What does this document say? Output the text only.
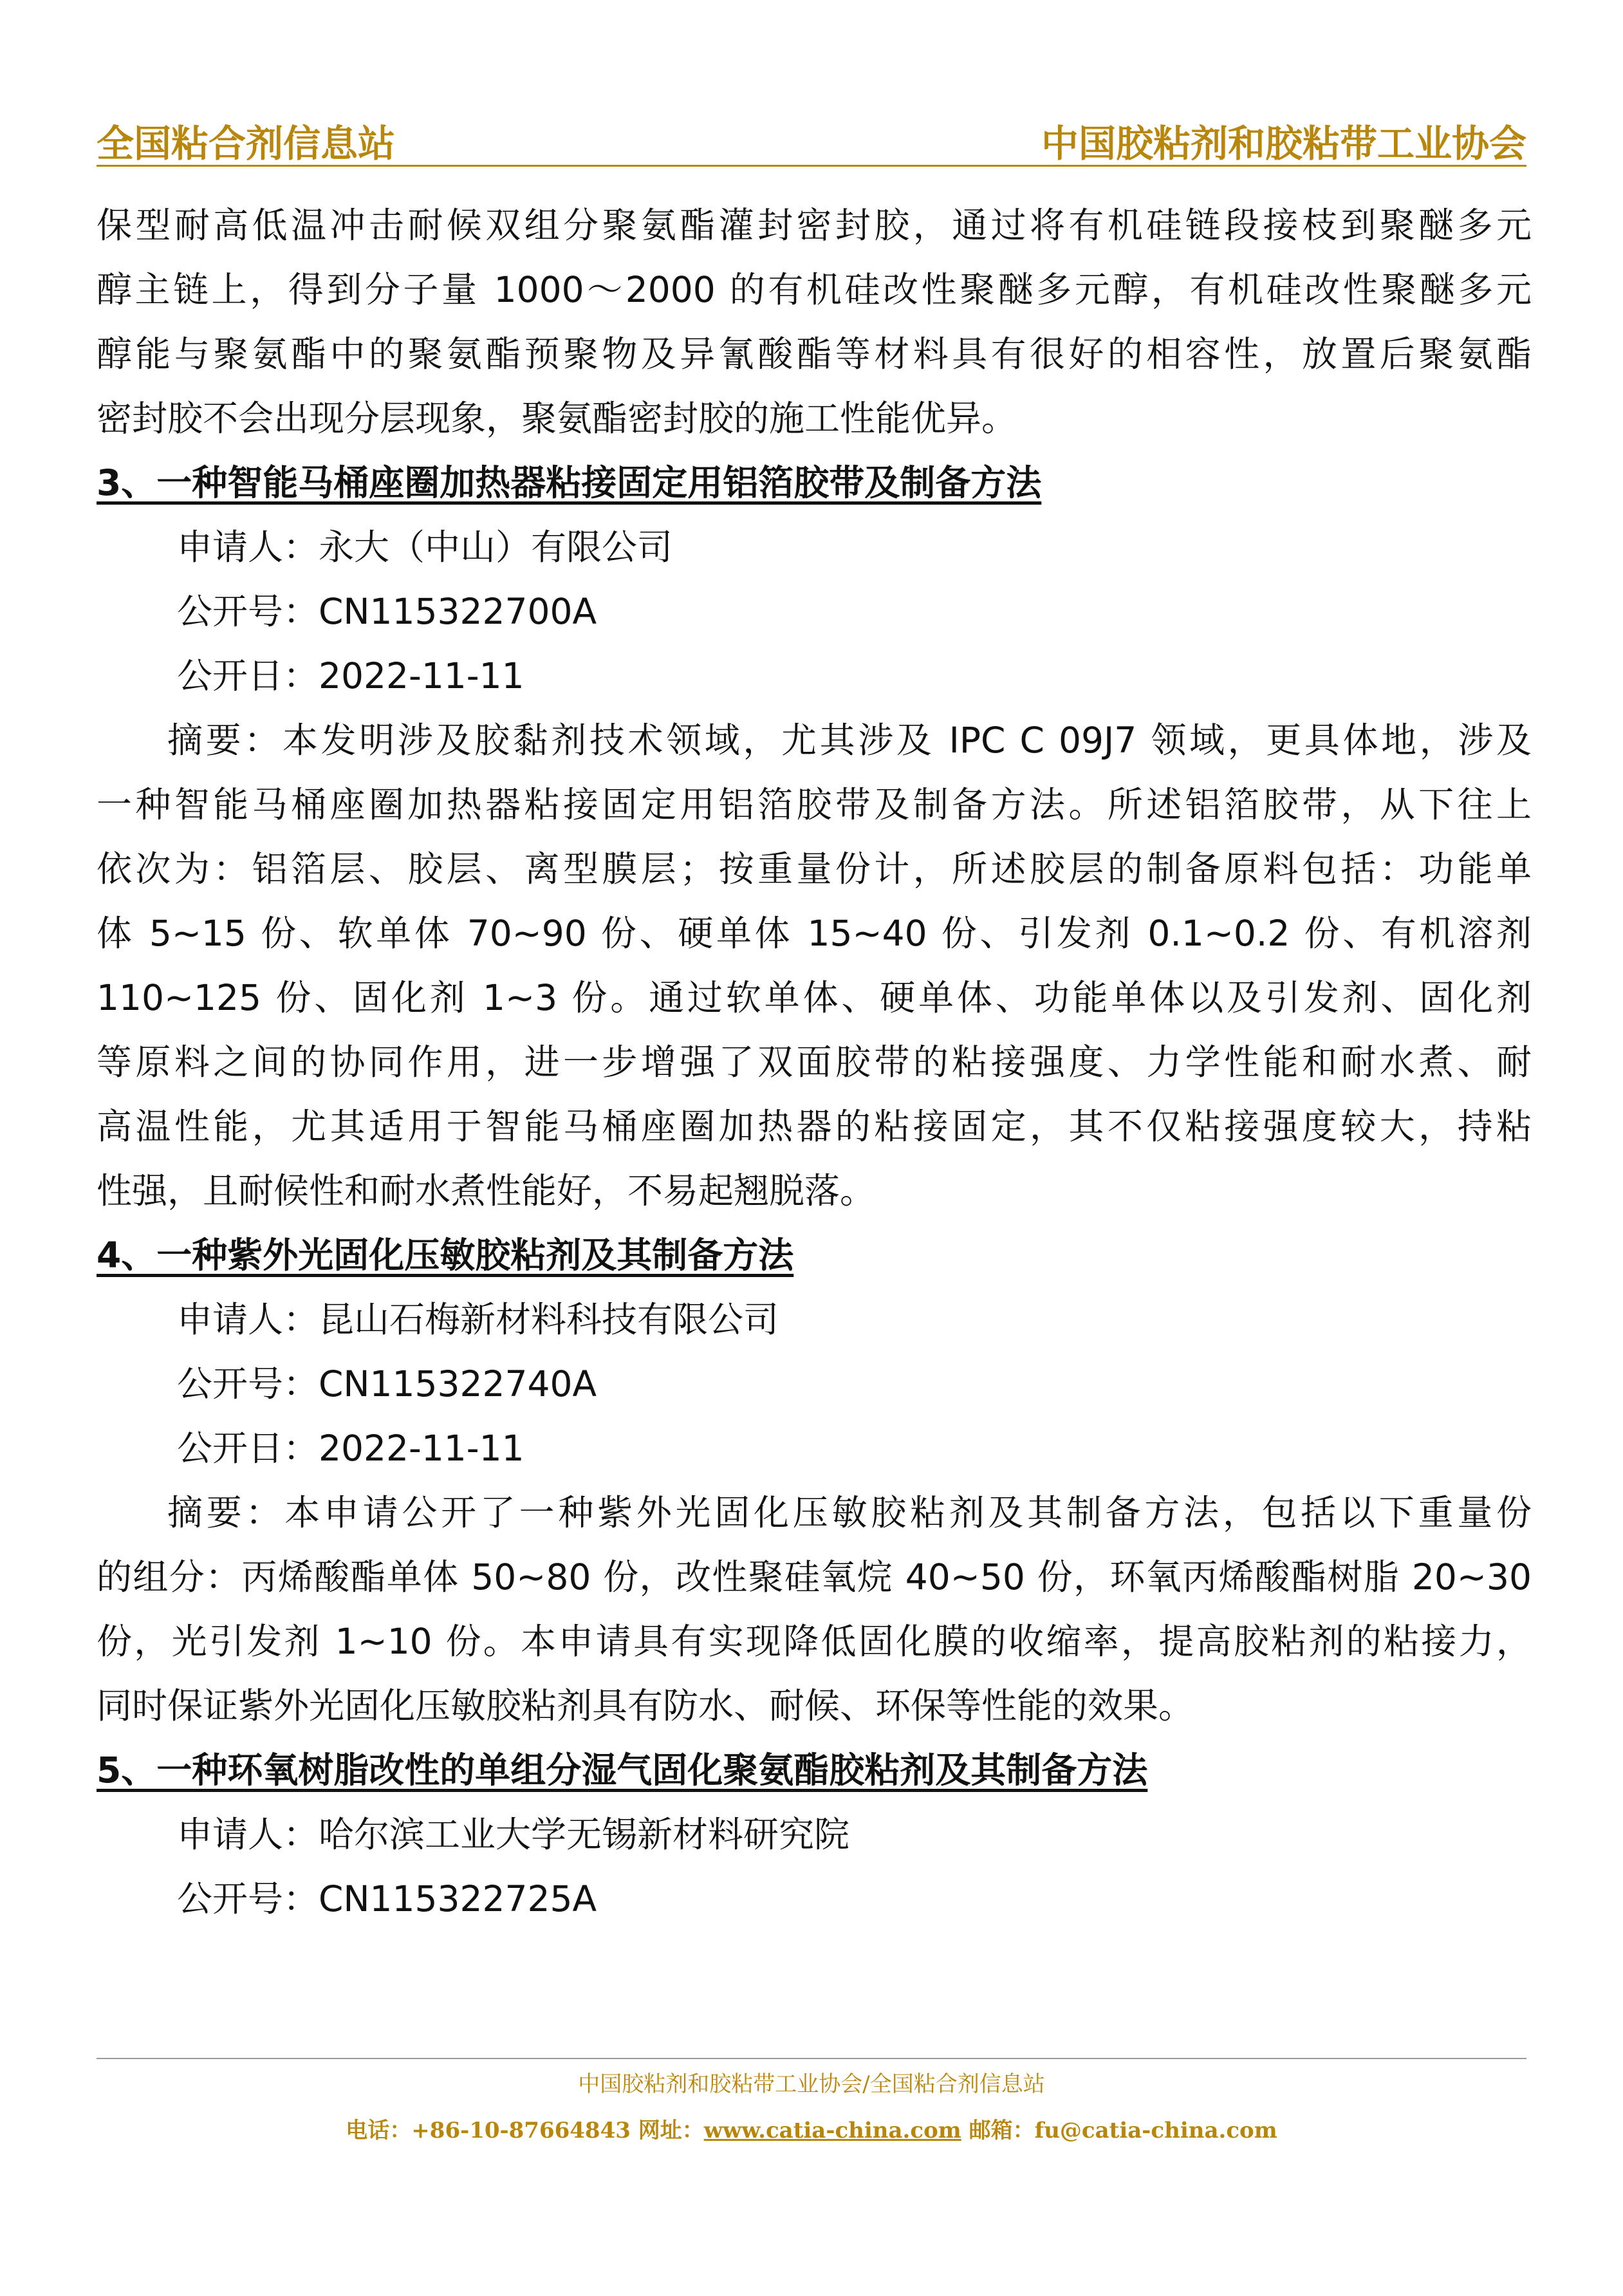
全国粘合剂信息站	中国胶粘剂和胶粘带工业协会

保型耐高低温冲击耐候双组分聚氨酯灌封密封胶，通过将有机硅链段接枝到聚醚多元

醇主链上，得到分子量 1000～2000 的有机硅改性聚醚多元醇，有机硅改性聚醚多元

醇能与聚氨酯中的聚氨酯预聚物及异氰酸酯等材料具有很好的相容性，放置后聚氨酯

密封胶不会出现分层现象，聚氨酯密封胶的施工性能优异。

3、一种智能马桶座圈加热器粘接固定用铝箔胶带及制备方法

申请人：永大（中山）有限公司

公开号：CN115322700A

公开日：2022-11-11

摘要：本发明涉及胶黏剂技术领域，尤其涉及 IPC C 09J7 领域，更具体地，涉及

一种智能马桶座圈加热器粘接固定用铝箔胶带及制备方法。所述铝箔胶带，从下往上

依次为：铝箔层、胶层、离型膜层；按重量份计，所述胶层的制备原料包括：功能单

体 5~15 份、软单体 70~90 份、硬单体 15~40 份、引发剂 0.1~0.2 份、有机溶剂

110~125 份、固化剂 1~3 份。通过软单体、硬单体、功能单体以及引发剂、固化剂

等原料之间的协同作用，进一步增强了双面胶带的粘接强度、力学性能和耐水煮、耐

高温性能，尤其适用于智能马桶座圈加热器的粘接固定，其不仅粘接强度较大，持粘

性强，且耐候性和耐水煮性能好，不易起翘脱落。

4、一种紫外光固化压敏胶粘剂及其制备方法

申请人：昆山石梅新材料科技有限公司

公开号：CN115322740A

公开日：2022-11-11

摘要：本申请公开了一种紫外光固化压敏胶粘剂及其制备方法，包括以下重量份

的组分：丙烯酸酯单体 50~80 份，改性聚硅氧烷 40~50 份，环氧丙烯酸酯树脂 20~30

份，光引发剂 1~10 份。本申请具有实现降低固化膜的收缩率，提高胶粘剂的粘接力，

同时保证紫外光固化压敏胶粘剂具有防水、耐候、环保等性能的效果。

5、一种环氧树脂改性的单组分湿气固化聚氨酯胶粘剂及其制备方法

申请人：哈尔滨工业大学无锡新材料研究院

公开号：CN115322725A

中国胶粘剂和胶粘带工业协会/全国粘合剂信息站
电话：+86-10-87664843 网址：www.catia-china.com 邮箱：fu@catia-china.com
